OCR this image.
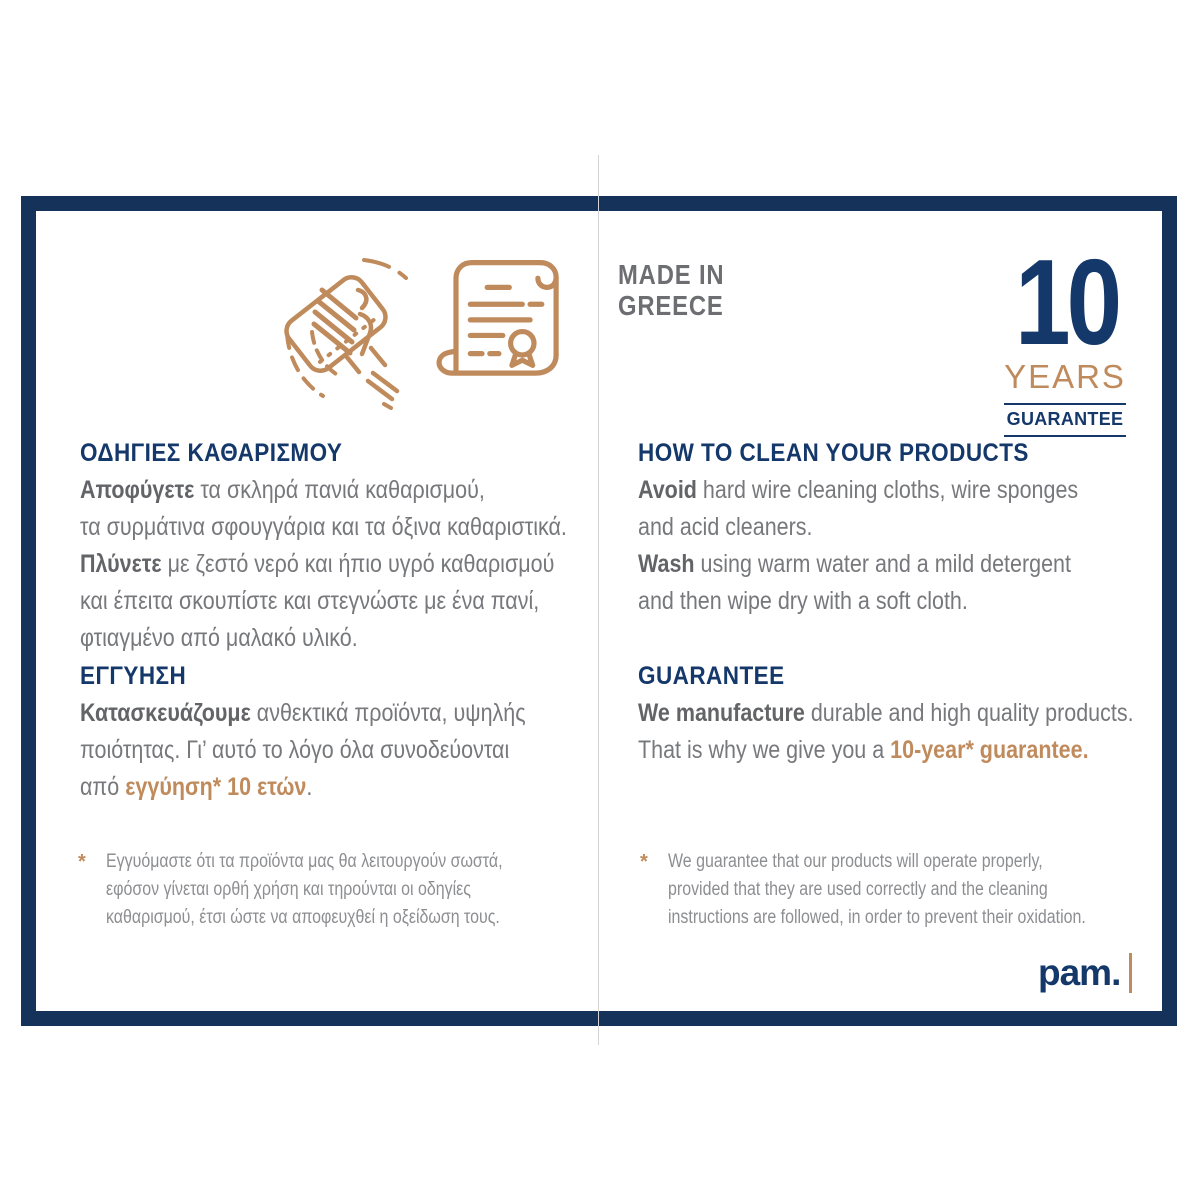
MADE IN
GREECE 10
YEARS
GUARANTEE
ΟΔΗΓΙΕΣ ΚΑΘΑΡΙΣΜΟΥ
Αποφύγετε τα σκληρά πανιά καθαρισμού,
τα συρμάτινα σφουγγάρια και τα όξινα καθαριστικά.
Πλύνετε με ζεστό νερό και ήπιο υγρό καθαρισμού
και έπειτα σκουπίστε και στεγνώστε με ένα πανί,
φτιαγμένο από μαλακό υλικό.
ΕΓΓΥΗΣΗ
Κατασκευάζουμε ανθεκτικά προϊόντα, υψηλής
ποιότητας. Γι’ αυτό το λόγο όλα συνοδεύονται
από εγγύηση* 10 ετών.
* Εγγυόμαστε ότι τα προϊόντα μας θα λειτουργούν σωστά,
εφόσον γίνεται ορθή χρήση και τηρούνται οι οδηγίες
καθαρισμού, έτσι ώστε να αποφευχθεί η οξείδωση τους.
HOW TO CLEAN YOUR PRODUCTS
Avoid hard wire cleaning cloths, wire sponges
and acid cleaners.
Wash using warm water and a mild detergent
and then wipe dry with a soft cloth.
GUARANTEE
We manufacture durable and high quality products.
That is why we give you a 10-year* guarantee.
* We guarantee that our products will operate properly,
provided that they are used correctly and the cleaning
instructions are followed, in order to prevent their oxidation.
pam.
